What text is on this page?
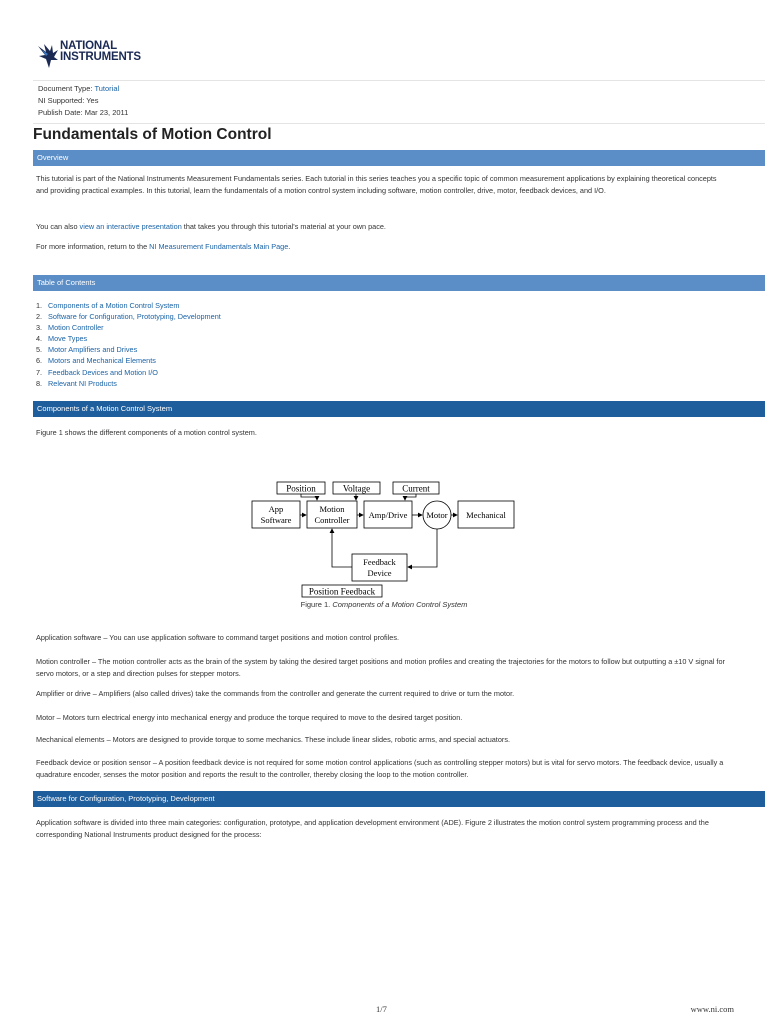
NATIONAL
INSTRUMENTS
Document Type: Tutorial
NI Supported: Yes
Publish Date: Mar 23, 2011
Fundamentals of Motion Control
Overview

This tutorial is part of the National Instruments Measurement Fundamentals series. Each tutorial in this series teaches you a specific topic of common measurement applications by explaining theoretical concepts and providing practical examples. In this tutorial, learn the fundamentals of a motion control system including software, motion controller, drive, motor, feedback devices, and I/O.

You can also view an interactive presentation that takes you through this tutorial's material at your own pace.

For more information, return to the NI Measurement Fundamentals Main Page.

Table of Contents
1. Components of a Motion Control System
2. Software for Configuration, Prototyping, Development
3. Motion Controller
4. Move Types
5. Motor Amplifiers and Drives
6. Motors and Mechanical Elements
7. Feedback Devices and Motion I/O
8. Relevant NI Products
Components of a Motion Control System

Figure 1 shows the different components of a motion control system.

Position	Voltage	Current
App
Software
Motion
Controller Amp/Drive Motor Mechanical
Feedback
Device
Position Feedback
Figure 1. Components of a Motion Control System

Application software – You can use application software to command target positions and motion control profiles.

Motion controller – The motion controller acts as the brain of the system by taking the desired target positions and motion profiles and creating the trajectories for the motors to follow but outputting a ±10 V signal for servo motors, or a step and direction pulses for stepper motors.

Amplifier or drive – Amplifiers (also called drives) take the commands from the controller and generate the current required to drive or turn the motor.

Motor – Motors turn electrical energy into mechanical energy and produce the torque required to move to the desired target position.

Mechanical elements – Motors are designed to provide torque to some mechanics. These include linear slides, robotic arms, and special actuators.

Feedback device or position sensor – A position feedback device is not required for some motion control applications (such as controlling stepper motors) but is vital for servo motors. The feedback device, usually a quadrature encoder, senses the motor position and reports the result to the controller, thereby closing the loop to the motion controller.

Software for Configuration, Prototyping, Development

Application software is divided into three main categories: configuration, prototype, and application development environment (ADE). Figure 2 illustrates the motion control system programming process and the corresponding National Instruments product designed for the process:

1/7	www.ni.com
